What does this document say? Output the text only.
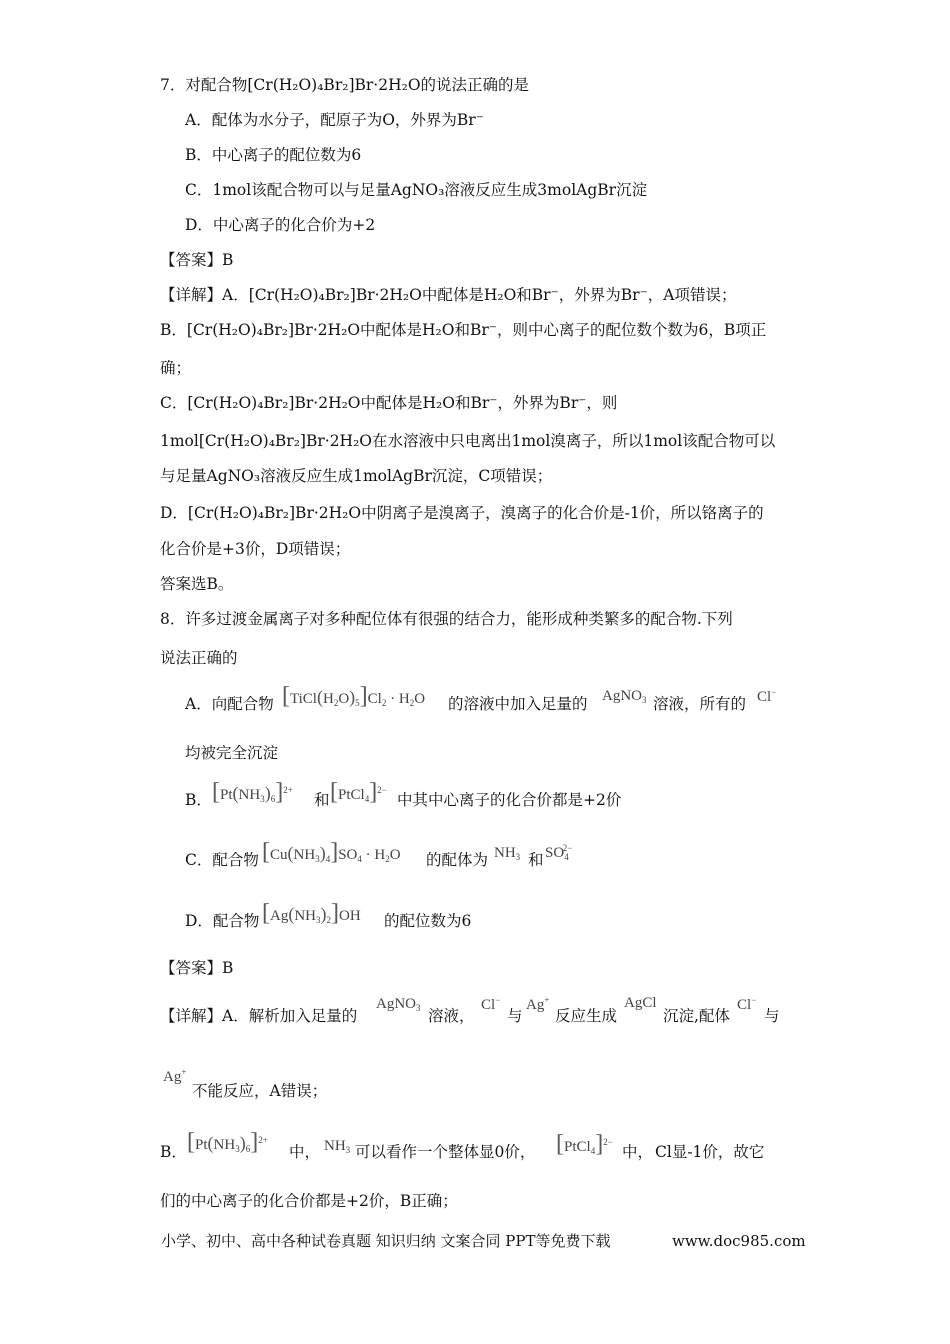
7．对配合物[Cr(H₂O)₄Br₂]Br·2H₂O的说法正确的是
A．配体为水分子，配原子为O，外界为Br⁻
B．中心离子的配位数为6
C．1mol该配合物可以与足量AgNO₃溶液反应生成3molAgBr沉淀
D．中心离子的化合价为+2
【答案】B
【详解】A．[Cr(H₂O)₄Br₂]Br·2H₂O中配体是H₂O和Br⁻，外界为Br⁻，A项错误；
B．[Cr(H₂O)₄Br₂]Br·2H₂O中配体是H₂O和Br⁻，则中心离子的配位数个数为6，B项正
确；
C．[Cr(H₂O)₄Br₂]Br·2H₂O中配体是H₂O和Br⁻，外界为Br⁻，则
1mol[Cr(H₂O)₄Br₂]Br·2H₂O在水溶液中只电离出1mol溴离子，所以1mol该配合物可以
与足量AgNO₃溶液反应生成1molAgBr沉淀，C项错误；
D．[Cr(H₂O)₄Br₂]Br·2H₂O中阴离子是溴离子，溴离子的化合价是-1价，所以铬离子的
化合价是+3价，D项错误；
答案选B。
8．许多过渡金属离子对多种配位体有很强的结合力，能形成种类繁多的配合物.下列
说法正确的
A．向配合物 $[TiCl(H_2O)_5]Cl_2 \cdot H_2O$ 的溶液中加入足量的 AgNO$_3$ 溶液，所有的 Cl−
均被完全沉淀
B． $[Pt(NH_3)_6]^{2+}$
和 [PtCl$_4$]$^{2-}$
中其中心离子的化合价都是+2价
C．配合物 $[Cu(NH_3)_4]SO_4 \cdot H_2O$ 的配体为 $NH_3$ 和 $SO_4^{2-}$
D．配合物 $[Ag(NH_3)_2]OH$ 的配位数为6
【答案】B
【详解】A．解析加入足量的
AgNO$_3$ 溶液，
Cl−
与
Ag+
反应生成
AgCl
沉淀,配体
Cl−
与
Ag+
不能反应，A错误；
B． $[Pt(NH_3)_6]^{2+}$
中， $NH_3$ 可以看作一个整体显0价， [PtCl$_4$]$^{2-}$
中， Cl显-1价，故它
们的中心离子的化合价都是+2价，B正确；
小学、初中、高中各种试卷真题 知识归纳 文案合同 PPT等免费下载	www.doc985.com
